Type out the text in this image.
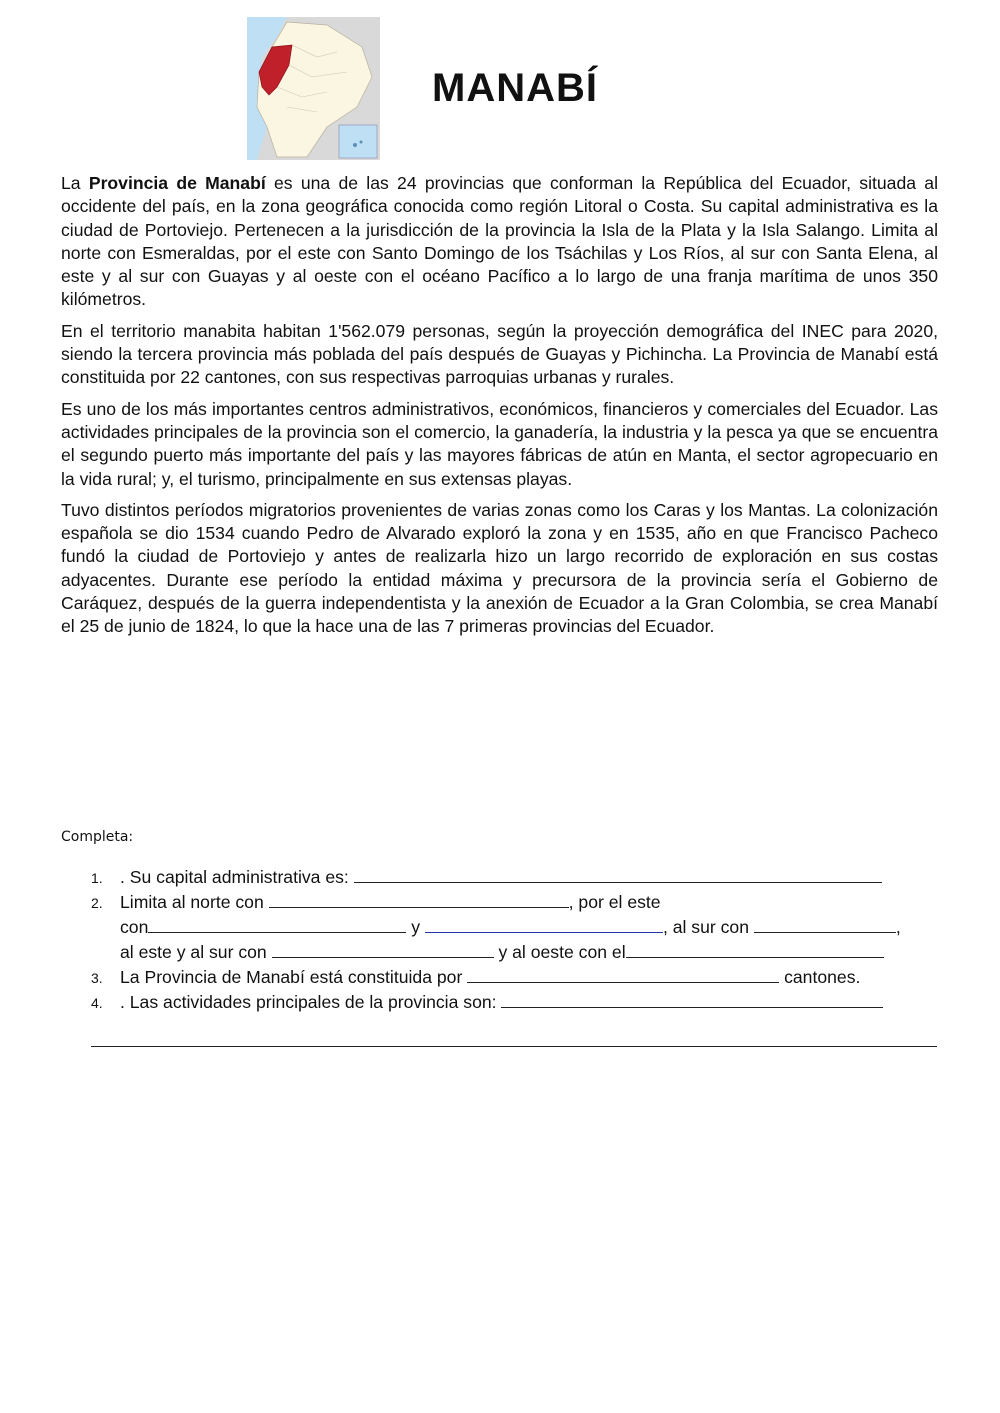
MANABÍ

La Provincia de Manabí es una de las 24 provincias que conforman la República del Ecuador, situada al occidente del país, en la zona geográfica conocida como región Litoral o Costa. Su capital administrativa es la ciudad de Portoviejo. Pertenecen a la jurisdicción de la provincia la Isla de la Plata y la Isla Salango. Limita al norte con Esmeraldas, por el este con Santo Domingo de los Tsáchilas y Los Ríos, al sur con Santa Elena, al este y al sur con Guayas y al oeste con el océano Pacífico a lo largo de una franja marítima de unos 350 kilómetros.

En el territorio manabita habitan 1'562.079 personas, según la proyección demográfica del INEC para 2020, siendo la tercera provincia más poblada del país después de Guayas y Pichincha. La Provincia de Manabí está constituida por 22 cantones, con sus respectivas parroquias urbanas y rurales.

Es uno de los más importantes centros administrativos, económicos, financieros y comerciales del Ecuador. Las actividades principales de la provincia son el comercio, la ganadería, la industria y la pesca ya que se encuentra el segundo puerto más importante del país y las mayores fábricas de atún en Manta, el sector agropecuario en la vida rural; y, el turismo, principalmente en sus extensas playas.

Tuvo distintos períodos migratorios provenientes de varias zonas como los Caras y los Mantas. La colonización española se dio 1534 cuando Pedro de Alvarado exploró la zona y en 1535, año en que Francisco Pacheco fundó la ciudad de Portoviejo y antes de realizarla hizo un largo recorrido de exploración en sus costas adyacentes. Durante ese período la entidad máxima y precursora de la provincia sería el Gobierno de Caráquez, después de la guerra independentista y la anexión de Ecuador a la Gran Colombia, se crea Manabí el 25 de junio de 1824, lo que la hace una de las 7 primeras provincias del Ecuador.

Completa:
1. . Su capital administrativa es:
2. Limita al norte con	, por el este
con	y	, al sur con	,
al este y al sur con	y al oeste con el
3. La Provincia de Manabí está constituida por	cantones.
4. . Las actividades principales de la provincia son:
